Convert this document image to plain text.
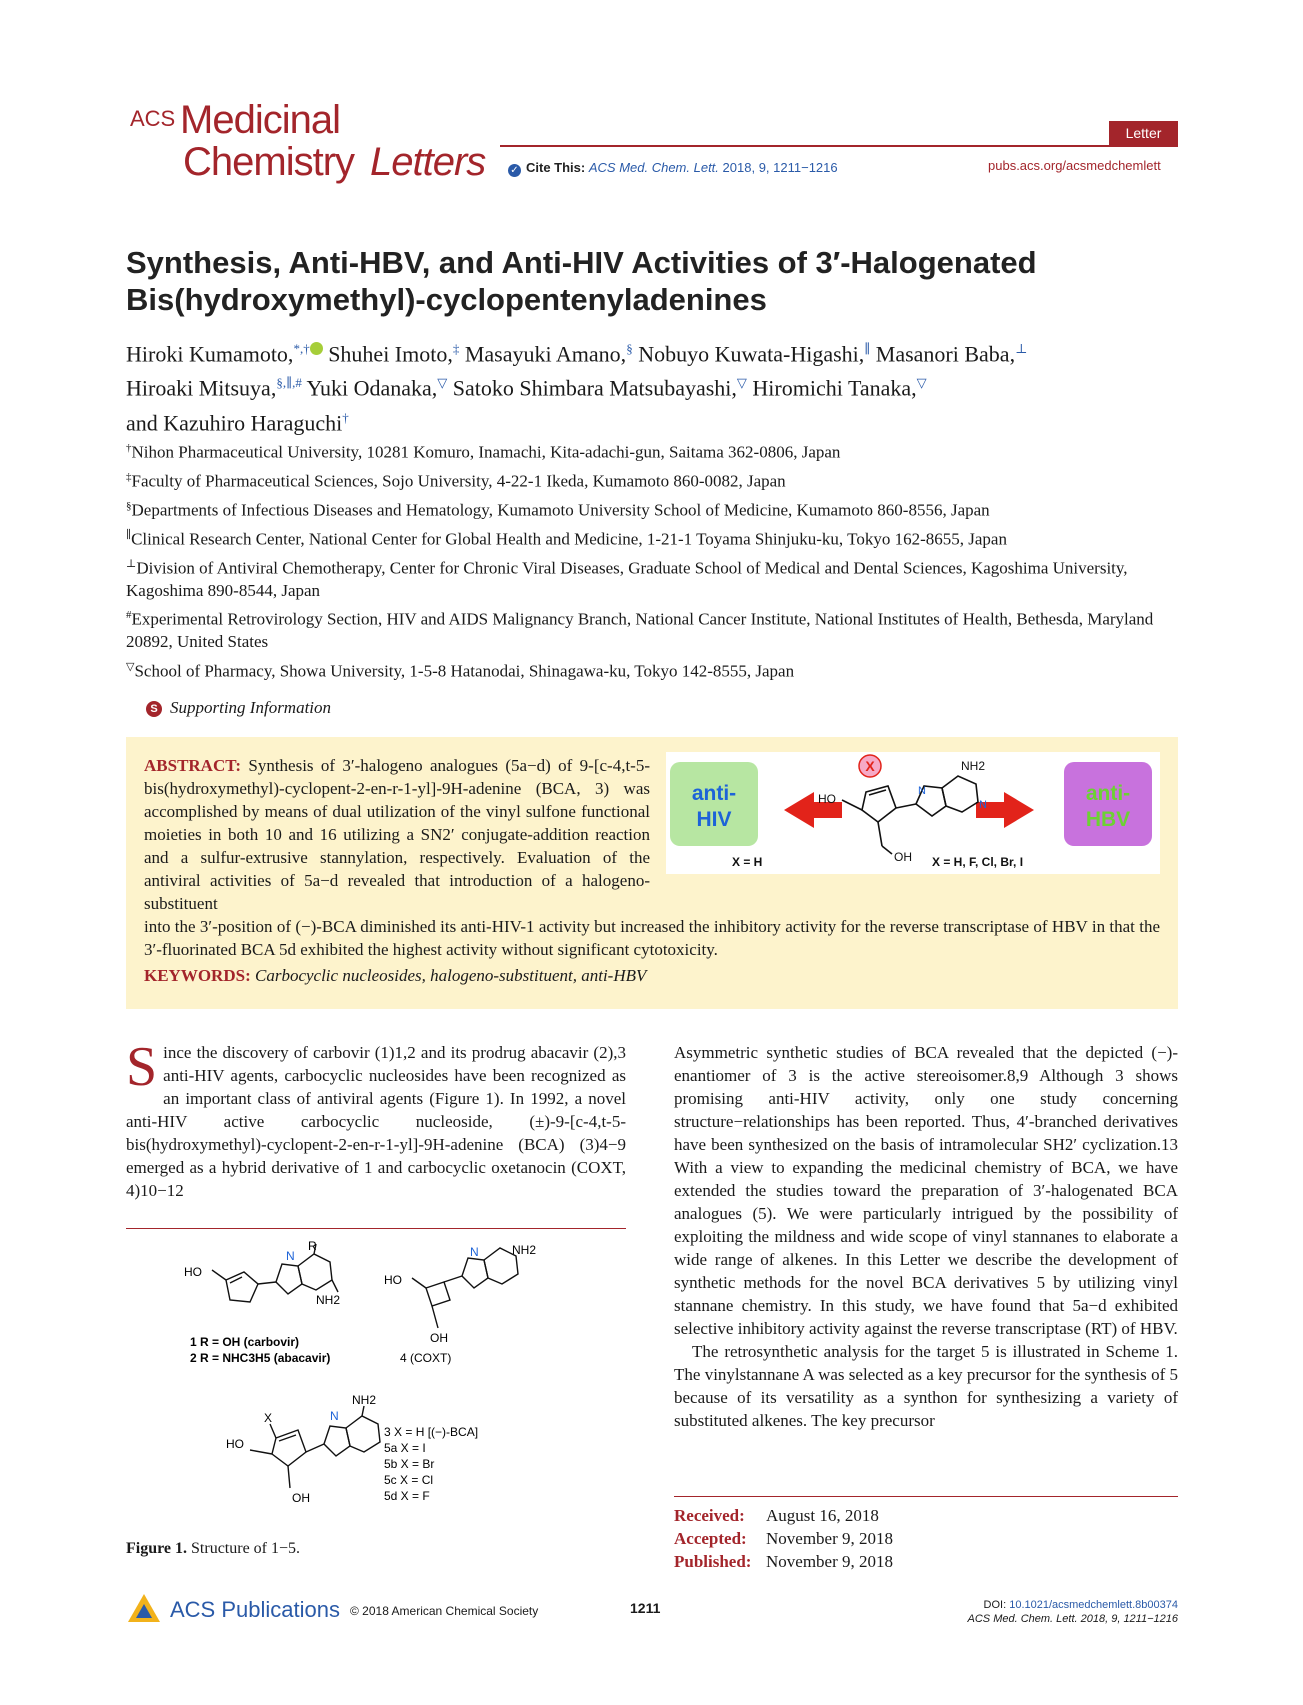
ACS Medicinal
Chemistry Letters
Letter
✓ Cite This: ACS Med. Chem. Lett. 2018, 9, 1211−1216	pubs.acs.org/acsmedchemlett
Synthesis, Anti-HBV, and Anti-HIV Activities of 3′-Halogenated Bis(hydroxymethyl)-cyclopentenyladenines
Hiroki Kumamoto,*,† Shuhei Imoto,‡ Masayuki Amano,§ Nobuyo Kuwata-Higashi,∥ Masanori Baba,⊥
Hiroaki Mitsuya,§,∥,# Yuki Odanaka,▽ Satoko Shimbara Matsubayashi,▽ Hiromichi Tanaka,▽
and Kazuhiro Haraguchi†
†Nihon Pharmaceutical University, 10281 Komuro, Inamachi, Kita-adachi-gun, Saitama 362-0806, Japan
‡Faculty of Pharmaceutical Sciences, Sojo University, 4-22-1 Ikeda, Kumamoto 860-0082, Japan
§Departments of Infectious Diseases and Hematology, Kumamoto University School of Medicine, Kumamoto 860-8556, Japan
∥Clinical Research Center, National Center for Global Health and Medicine, 1-21-1 Toyama Shinjuku-ku, Tokyo 162-8655, Japan
⊥Division of Antiviral Chemotherapy, Center for Chronic Viral Diseases, Graduate School of Medical and Dental Sciences, Kagoshima University, Kagoshima 890-8544, Japan
#Experimental Retrovirology Section, HIV and AIDS Malignancy Branch, National Cancer Institute, National Institutes of Health, Bethesda, Maryland 20892, United States
▽School of Pharmacy, Showa University, 1-5-8 Hatanodai, Shinagawa-ku, Tokyo 142-8555, Japan
S Supporting Information
ABSTRACT: Synthesis of 3′-halogeno analogues (5a−d) of 9-[c-4,t-5-bis(hydroxymethyl)-cyclopent-2-en-r-1-yl]-9H-adenine (BCA, 3) was accomplished by means of dual utilization of the vinyl sulfone functional moieties in both 10 and 16 utilizing a SN2′ conjugate-addition reaction and a sulfur-extrusive stannylation, respectively. Evaluation of the antiviral activities of 5a−d revealed that introduction of a halogeno-substituent
into the 3′-position of (−)-BCA diminished its anti-HIV-1 activity but increased the inhibitory activity for the reverse transcriptase of HBV in that the 3′-fluorinated BCA 5d exhibited the highest activity without significant cytotoxicity.
KEYWORDS: Carbocyclic nucleosides, halogeno-substituent, anti-HBV
anti-
HIV
anti-
HBV
X
HO
OH
NH2
N
N
X = H	X = H, F, Cl, Br, I
Since the discovery of carbovir (1)1,2 and its prodrug abacavir (2),3 anti-HIV agents, carbocyclic nucleosides have been recognized as an important class of antiviral agents (Figure 1). In 1992, a novel anti-HIV active carbocyclic nucleoside, (±)-9-[c-4,t-5-bis(hydroxymethyl)-cyclopent-2-en-r-1-yl]-9H-adenine (BCA) (3)4−9 emerged as a hybrid derivative of 1 and carbocyclic oxetanocin (COXT, 4)10−12
R
HO
NH2
N
1 R = OH (carbovir)
2 R = NHC3H5 (abacavir)
HO
OH
NH2
N
4 (COXT)
X
HO
OH
NH2
N
3 X = H [(−)-BCA]
5a X = I
5b X = Br
5c X = Cl
5d X = F
Figure 1. Structure of 1−5.
Asymmetric synthetic studies of BCA revealed that the depicted (−)-enantiomer of 3 is the active stereoisomer.8,9 Although 3 shows promising anti-HIV activity, only one study concerning structure−relationships has been reported. Thus, 4′-branched derivatives have been synthesized on the basis of intramolecular SH2′ cyclization.13 With a view to expanding the medicinal chemistry of BCA, we have extended the studies toward the preparation of 3′-halogenated BCA analogues (5). We were particularly intrigued by the possibility of exploiting the mildness and wide scope of vinyl stannanes to elaborate a wide range of alkenes. In this Letter we describe the development of synthetic methods for the novel BCA derivatives 5 by utilizing vinyl stannane chemistry. In this study, we have found that 5a−d exhibited selective inhibitory activity against the reverse transcriptase (RT) of HBV.
The retrosynthetic analysis for the target 5 is illustrated in Scheme 1. The vinylstannane A was selected as a key precursor for the synthesis of 5 because of its versatility as a synthon for synthesizing a variety of substituted alkenes. The key precursor
Received: August 16, 2018
Accepted: November 9, 2018
Published: November 9, 2018
ACS Publications © 2018 American Chemical Society	1211	DOI: 10.1021/acsmedchemlett.8b00374
ACS Med. Chem. Lett. 2018, 9, 1211−1216
